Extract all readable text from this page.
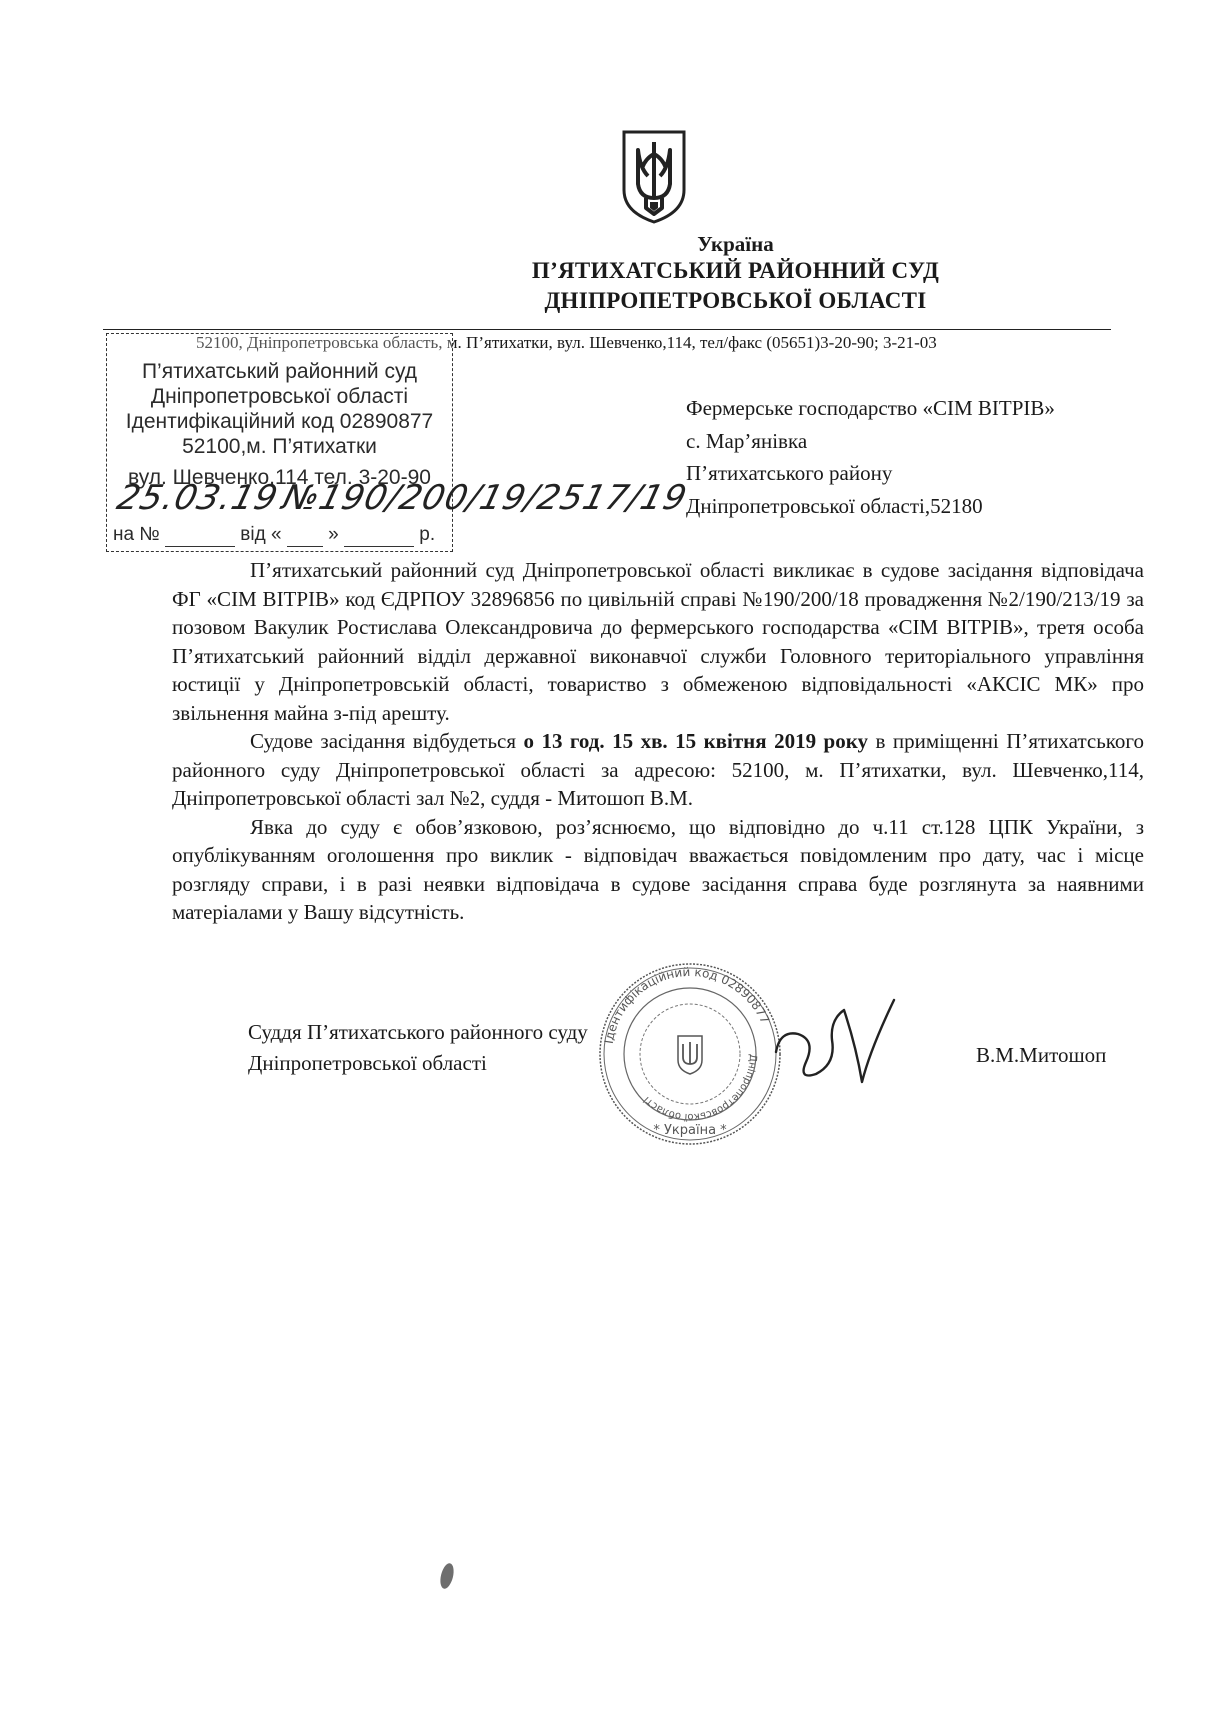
Україна
П’ЯТИХАТСЬКИЙ РАЙОННИЙ СУД
ДНІПРОПЕТРОВСЬКОЇ ОБЛАСТІ
52100, Дніпропетровська область, м. П’ятихатки, вул. Шевченко,114, тел/факс (05651)3-20-90; 3-21-03
П’ятихатський районний суд
Дніпропетровської області
Ідентифікаційний код 02890877
52100,м. П’ятихатки
вул. Шевченко,114 тел. 3-20-90
на №	від « »	р.
25.03.19№190/200/19/2517/19
Фермерське господарство «СІМ ВІТРІВ»
с. Мар’янівка
П’ятихатського району
Дніпропетровської області,52180

П’ятихатський районний суд Дніпропетровської області викликає в судове засідання відповідача ФГ «СІМ ВІТРІВ» код ЄДРПОУ 32896856 по цивільній справі №190/200/18 провадження №2/190/213/19 за позовом Вакулик Ростислава Олександровича до фермерського господарства «СІМ ВІТРІВ», третя особа П’ятихатський районний відділ державної виконавчої служби Головного територіального управління юстиції у Дніпропетровській області, товариство з обмеженою відповідальності «АКСІС МК» про звільнення майна з-під арешту.

Судове засідання відбудеться о 13 год. 15 хв. 15 квітня 2019 року в приміщенні П’ятихатського районного суду Дніпропетровської області за адресою: 52100, м. П’ятихатки, вул. Шевченко,114, Дніпропетровської області зал №2, суддя - Митошоп В.М.

Явка до суду є обов’язковою, роз’яснюємо, що відповідно до ч.11 ст.128 ЦПК України, з опублікуванням оголошення про виклик - відповідач вважається повідомленим про дату, час і місце розгляду справи, і в разі неявки відповідача в судове засідання справа буде розглянута за наявними матеріалами у Вашу відсутність.

Суддя П’ятихатського районного суду
Дніпропетровської області
Ідентифікаційний код 02890877
Дніпропетровської області
* Україна *
В.М.Митошоп
